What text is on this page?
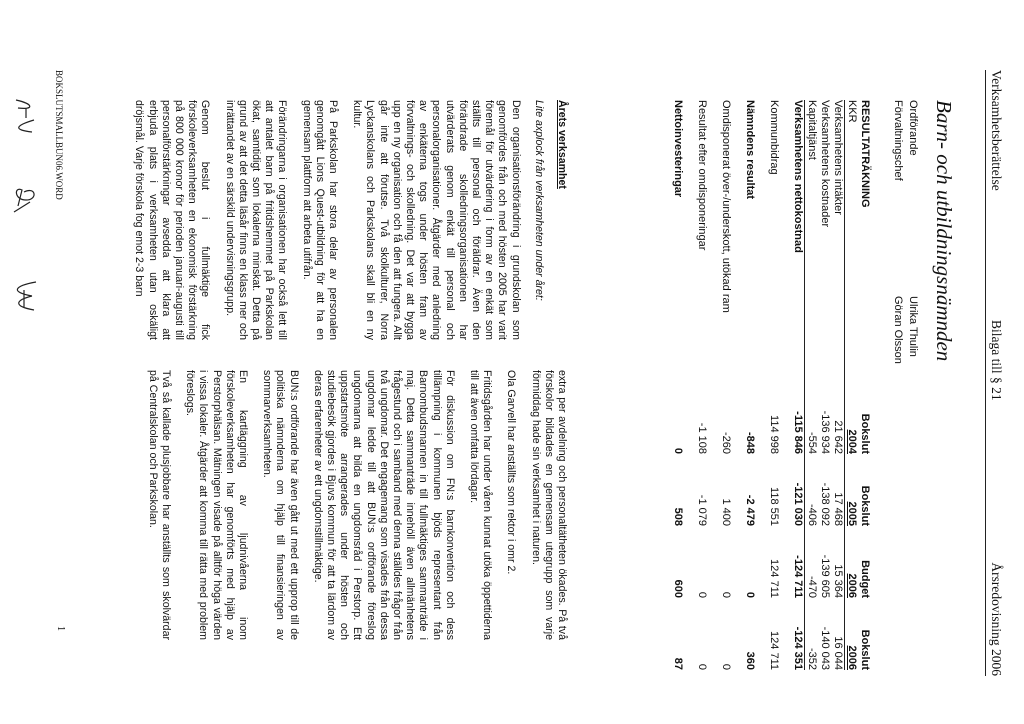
Verksamhetsberättelse
Bilaga till § 21
Årsredovisning 2006
Barn- och utbildningsnämnden
Ordförande
Förvaltningschef
Ulrika Thulin
Göran Olsson
RESULTATRÄKNING	Bokslut	Bokslut	Budget	Bokslut
KKR	2004	2005	2006	2006
Verksamhetens intäkter	21 642	17 468	15 364	16 044
Verksamhetens kostnader	-136 934	-138 092	-139 605	-140 043
Kapitaltjänst	-554	-406	-470	-352
Verksamhetens nettokostnad	-115 846	-121 030	-124 711	-124 351

Kommunbidrag	114 998	118 551	124 711	124 711

Nämndens resultat	-848	-2 479	0	360

Omdisponerat över-/underskott, utökad ram	-260	1 400	0	0

Resultat efter omdisponeringar	-1 108	-1 079	0	0

Nettoinvesteringar	0	508	600	87
Årets verksamhet
Lite axplock från verksamheten under året:

Den organisationsförändring i grundskolan som genomfördes från och med hösten 2005 har varit föremål för utvärdering i form av en enkät som ställts till personal och föräldrar. Även den förändrade skolledningsorganisationen har utvärderats genom enkät till personal och personalorganisationer. Åtgärder med anledning av enkäterna togs under hösten fram av förvaltnings- och skolledning. Det var att bygga upp en ny organisation och få den att fungera. Allt går inte att förutse. Två skolkulturer, Norra Lyckanskolans och Parkskolans skall bli en ny kultur.

På Parkskolan har stora delar av personalen genomgått Lions Quest-utbildning för att ha en gemensam plattform att arbeta utifrån.

Förändringarna i organisationen har också lett till att antalet barn på fritidshemmet på Parkskolan ökat, samtidigt som lokalerna minskat. Detta på grund av att det detta läsår finns en klass mer och inrättandet av en särskild undervisningsgrupp.

Genom beslut i fullmäktige fick förskoleverksamheten en ekonomisk förstärkning på 800 000 kronor för perioden januari-augusti till personalförstärkningar avsedda att klara att erbjuda plats i verksamheten utan oskäligt dröjsmål. Varje förskola fog emot 2-3 barn

extra per avdelning och personaltätheten ökades. På två förskolor bildades en gemensam utegrupp som varje förmiddag hade sin verksamhet i naturen.

Ola Garvell har anställts som rektor i omr 2.

Fritidsgården har under våren kunnat utöka öppettiderna till att även omfatta lördagar.

För diskussion om FN:s barnkonvention och dess tillämpning i kommunen bjöds representant från Barnombudsmannen in till fullmäktiges sammanträde i maj. Detta sammanträde innehöll även allmänhetens frågestund och i samband med denna ställdes frågor från två ungdomar. Det engagemang som visades från dessa ungdomar ledde till att BUN:s ordförande föreslog ungdomarna att bilda en ungdomsråd i Perstorp. Ett uppstartsmöte arrangerades under hösten och studiebesök gjordes i Bjuvs kommun för att ta lärdom av deras erfarenheter av ett ungdomstillmäktige.

BUN:s ordförande har även gått ut med ett upprop till de politiska nämnderna om hjälp till finansieringen av sommarverksamheten.

En kartläggning av ljudnivåerna inom förskoleverksamheten har genomförts med hjälp av Perstorphälsan. Mätningen visade på alltför höga värden i vissa lokaler. Åtgärder att komma till rätta med problem föreslogs.

Två så kallade plusjobbare har anställts som skolvärdar på Centralskolan och Parkskolan.

BOKSLUTSMALLBUN06.WORD
1
